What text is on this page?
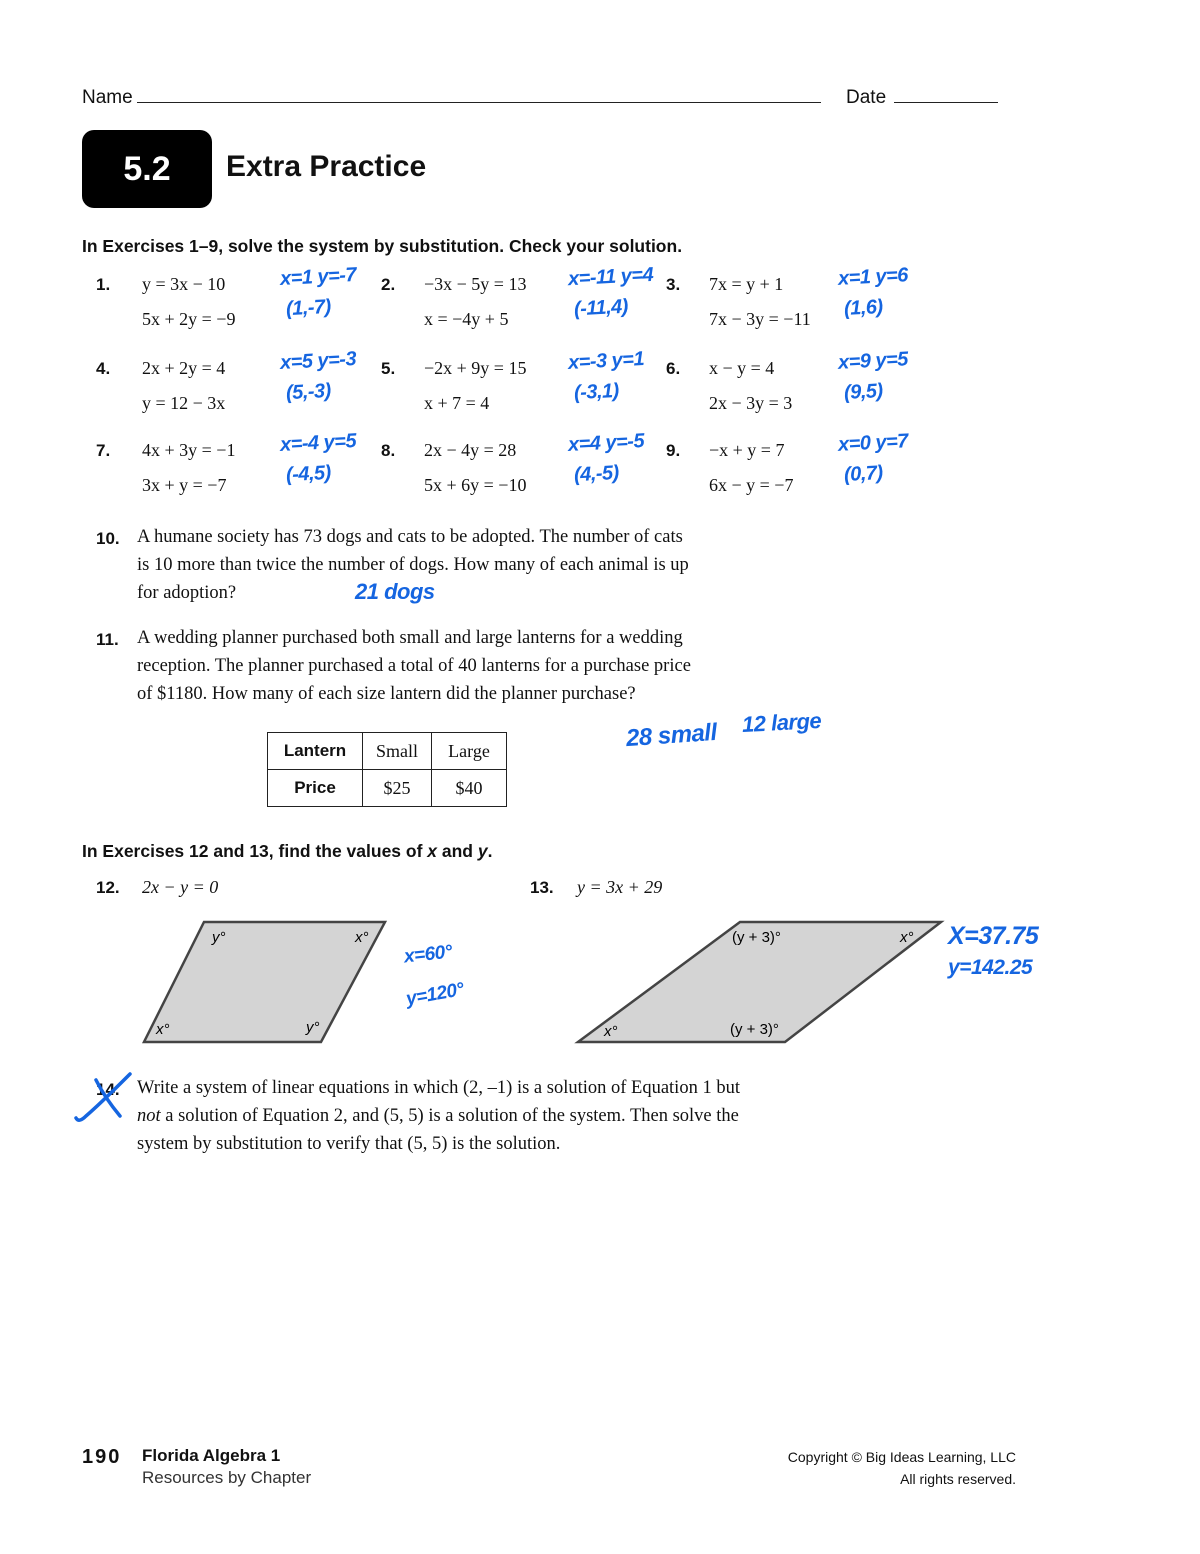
Name	Date
5.2	Extra Practice
In Exercises 1–9, solve the system by substitution. Check your solution.
1. y = 3x − 10
5x + 2y = −9
x=1 y=-7
(1,-7)
2. −3x − 5y = 13
x = −4y + 5
x=-11 y=4
(-11,4)
3. 7x = y + 1
7x − 3y = −11
x=1 y=6
(1,6)
4. 2x + 2y = 4
y = 12 − 3x
x=5 y=-3
(5,-3)
5. −2x + 9y = 15
x + 7 = 4
x=-3 y=1
(-3,1)
6. x − y = 4
2x − 3y = 3
x=9 y=5
(9,5)
7. 4x + 3y = −1
3x + y = −7
x=-4 y=5
(-4,5)
8. 2x − 4y = 28
5x + 6y = −10
x=4 y=-5
(4,-5)
9. −x + y = 7
6x − y = −7
x=0 y=7
(0,7)
10. A humane society has 73 dogs and cats to be adopted. The number of cats
is 10 more than twice the number of dogs. How many of each animal is up
for adoption?	21 dogs
11. A wedding planner purchased both small and large lanterns for a wedding
reception. The planner purchased a total of 40 lanterns for a purchase price
of $1180. How many of each size lantern did the planner purchase?
Lantern	Small	Large
Price	$25	$40
28 small 12 large
In Exercises 12 and 13, find the values of x and y.
12. 2x − y = 0	13. y = 3x + 29
y°	x°
x°	y°
x=60°
y=120°
(y + 3)°	x°
x°	(y + 3)°
X=37.75
y=142.25
14. Write a system of linear equations in which (2, –1) is a solution of Equation 1 but
not a solution of Equation 2, and (5, 5) is a solution of the system. Then solve the
system by substitution to verify that (5, 5) is the solution.
190 Florida Algebra 1
Resources by Chapter
Copyright © Big Ideas Learning, LLC
All rights reserved.
